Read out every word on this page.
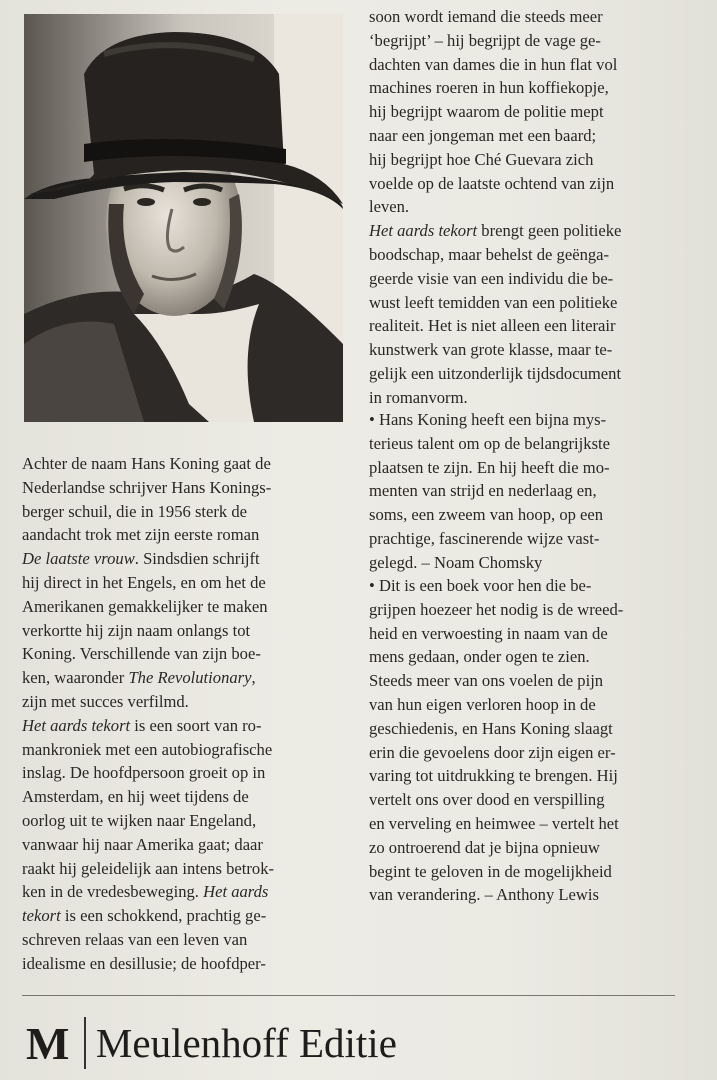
Achter de naam Hans Koning gaat de

Nederlandse schrijver Hans Konings-

berger schuil, die in 1956 sterk de

aandacht trok met zijn eerste roman

De laatste vrouw. Sindsdien schrijft

hij direct in het Engels, en om het de

Amerikanen gemakkelijker te maken

verkortte hij zijn naam onlangs tot

Koning. Verschillende van zijn boe-

ken, waaronder The Revolutionary,

zijn met succes verfilmd.

Het aards tekort is een soort van ro-

mankroniek met een autobiografische

inslag. De hoofdpersoon groeit op in

Amsterdam, en hij weet tijdens de

oorlog uit te wijken naar Engeland,

vanwaar hij naar Amerika gaat; daar

raakt hij geleidelijk aan intens betrok-

ken in de vredesbeweging. Het aards

tekort is een schokkend, prachtig ge-

schreven relaas van een leven van

idealisme en desillusie; de hoofdper-

soon wordt iemand die steeds meer

‘begrijpt’ – hij begrijpt de vage ge-

dachten van dames die in hun flat vol

machines roeren in hun koffiekopje,

hij begrijpt waarom de politie mept

naar een jongeman met een baard;

hij begrijpt hoe Ché Guevara zich

voelde op de laatste ochtend van zijn

leven.

Het aards tekort brengt geen politieke

boodschap, maar behelst de geënga-

geerde visie van een individu die be-

wust leeft temidden van een politieke

realiteit. Het is niet alleen een literair

kunstwerk van grote klasse, maar te-

gelijk een uitzonderlijk tijdsdocument

in romanvorm.

• Hans Koning heeft een bijna mys-

terieus talent om op de belangrijkste

plaatsen te zijn. En hij heeft die mo-

menten van strijd en nederlaag en,

soms, een zweem van hoop, op een

prachtige, fascinerende wijze vast-

gelegd. – Noam Chomsky

• Dit is een boek voor hen die be-

grijpen hoezeer het nodig is de wreed-

heid en verwoesting in naam van de

mens gedaan, onder ogen te zien.

Steeds meer van ons voelen de pijn

van hun eigen verloren hoop in de

geschiedenis, en Hans Koning slaagt

erin die gevoelens door zijn eigen er-

varing tot uitdrukking te brengen. Hij

vertelt ons over dood en verspilling

en verveling en heimwee – vertelt het

zo ontroerend dat je bijna opnieuw

begint te geloven in de mogelijkheid

van verandering. – Anthony Lewis

M Meulenhoff Editie
